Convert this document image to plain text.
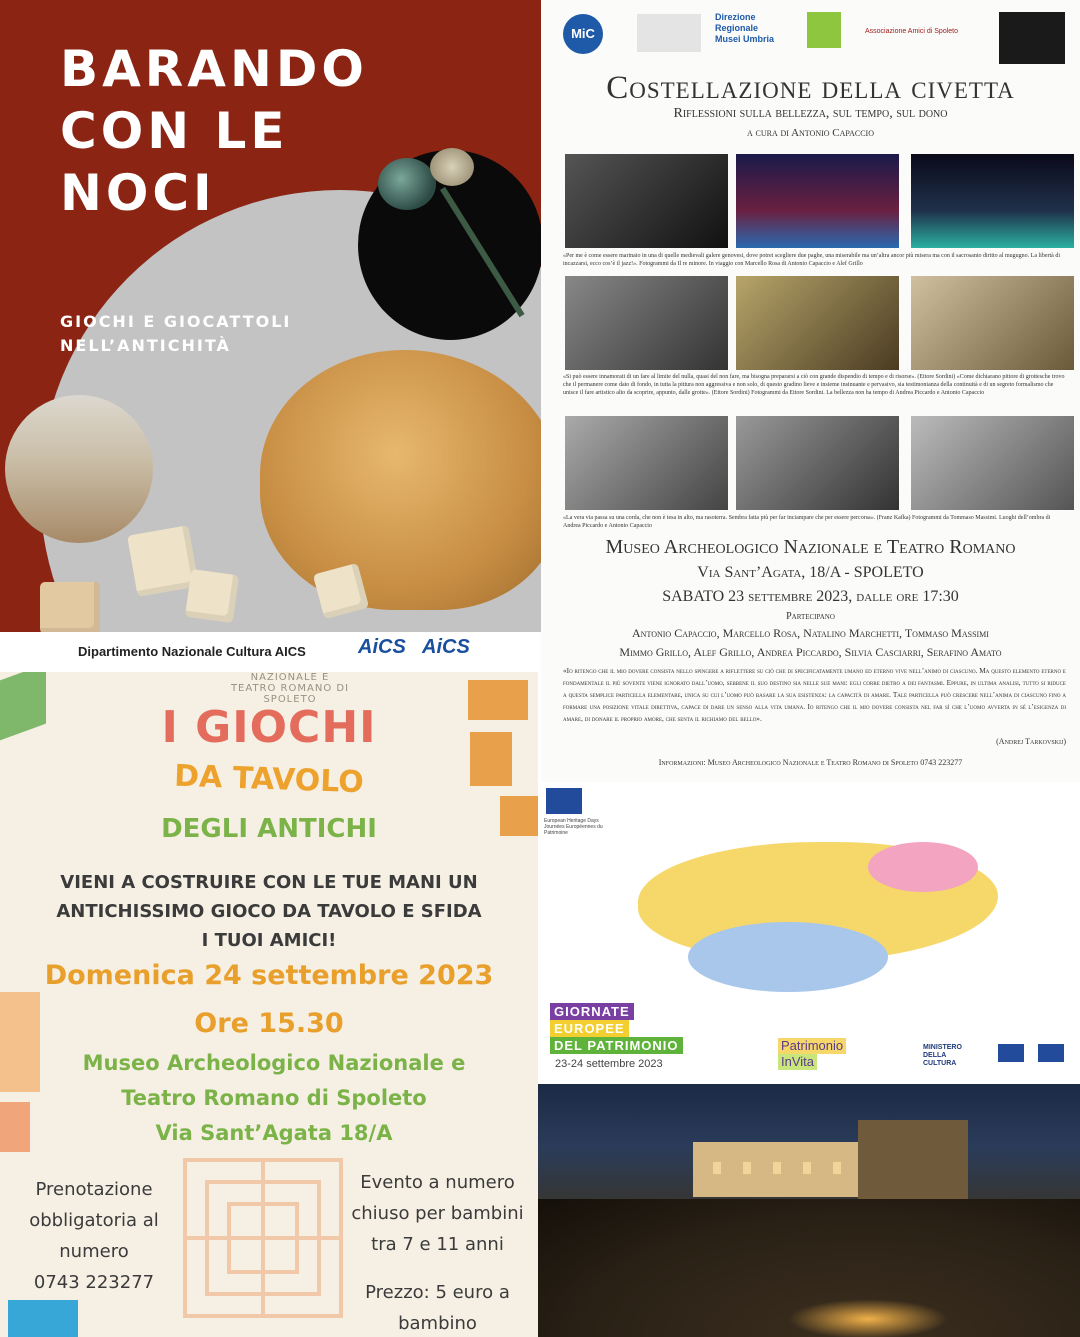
BARANDO
CON LE
NOCI
GIOCHI E GIOCATTOLI
NELL’ANTICHITÀ
Dipartimento Nazionale Cultura AICS	AiCS AiCS
MiC
Direzione Regionale Musei Umbria
Associazione Amici di Spoleto
Costellazione della civetta
Riflessioni sulla bellezza, sul tempo, sul dono
a cura di Antonio Capaccio
«Per me è come essere marinaio in una di quelle medievali galere genovesi, dove potrei scegliere due paghe, una miserabile ma un’altra ancor più misera ma con il sacrosanto diritto al mugugno. La libertà di incazzarsi, ecco cos’è il jazz!». Fotogrammi da Il re minore. In viaggio con Marcello Rosa di Antonio Capaccio e Alef Grillo
«Si può essere innamorati di un fare al limite del nulla, quasi del non fare, ma bisogna prepararsi a ciò con grande dispendio di tempo e di risorse». (Ettore Sordini) «Come dichiarano pittore di grottesche trovo che il permanere come dato di fondo, in tutta la pittura non aggressiva e non solo, di questo gradino lieve e insieme insinuante e pervasivo, sia testimonianza della continuità e di un segreto formalismo che unisce il fare artistico alto da scoprire, appunto, dalle grotte». (Ettore Sordini) Fotogrammi da Ettore Sordini. La bellezza non ha tempo di Andrea Piccardo e Antonio Capaccio
«La vera via passa su una corda, che non è tesa in alto, ma rasoterra. Sembra fatta più per far inciampare che per essere percorsa». (Franz Kafka) Fotogrammi da Tommaso Massimi. Luoghi dell’ombra di Andrea Piccardo e Antonio Capaccio
Museo Archeologico Nazionale e Teatro Romano
Via Sant’Agata, 18/A - SPOLETO
SABATO 23 settembre 2023, dalle ore 17:30
Partecipano
Antonio Capaccio, Marcello Rosa, Natalino Marchetti, Tommaso Massimi
Mimmo Grillo, Alef Grillo, Andrea Piccardo, Silvia Casciarri, Serafino Amato
«Io ritengo che il mio dovere consista nello spingere a riflettere su ciò che di specificatamente umano ed eterno vive nell’animo di ciascuno. Ma questo elemento eterno e fondamentale il più sovente viene ignorato dall’uomo, sebbene il suo destino sia nelle sue mani: egli corre dietro a dei fantasmi. Eppure, in ultima analisi, tutto si riduce a questa semplice particella elementare, unica su cui l’uomo può basare la sua esistenza: la capacità di amare. Tale particella può crescere nell’anima di ciascuno fino a formare una posizione vitale direttiva, capace di dare un senso alla vita umana. Io ritengo che il mio dovere consista nel far sì che l’uomo avverta in sé l’esigenza di amare, di donare il proprio amore, che senta il richiamo del bello».
(Andrej Tarkovskij)
Informazioni: Museo Archeologico Nazionale e Teatro Romano di Spoleto 0743 223277
NAZIONALE E TEATRO ROMANO DI SPOLETO
I GIOCHI
DA TAVOLO
DEGLI ANTICHI
VIENI A COSTRUIRE CON LE TUE MANI UN
ANTICHISSIMO GIOCO DA TAVOLO E SFIDA
I TUOI AMICI!
Domenica 24 settembre 2023
Ore 15.30
Museo Archeologico Nazionale e
Teatro Romano di Spoleto
Via Sant’Agata 18/A
Prenotazione
obbligatoria al
numero
0743 223277
Evento a numero
chiuso per bambini
tra 7 e 11 anni
Prezzo: 5 euro a
bambino
European Heritage Days Journées Européennes du Patrimoine
GIORNATE
EUROPEE
DEL PATRIMONIO
23-24 settembre 2023
Patrimonio
InVita
MINISTERO
DELLA
CULTURA
